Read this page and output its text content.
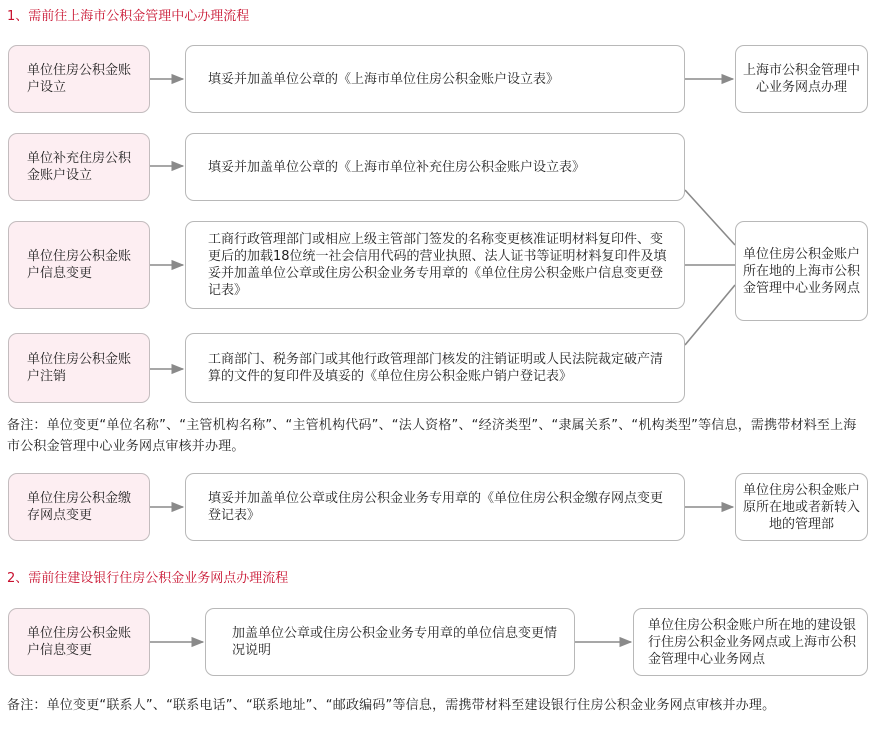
1、需前往上海市公积金管理中心办理流程
单位住房公积金账户设立
填妥并加盖单位公章的《上海市单位住房公积金账户设立表》
上海市公积金管理中心业务网点办理
单位补充住房公积金账户设立
填妥并加盖单位公章的《上海市单位补充住房公积金账户设立表》
单位住房公积金账户信息变更
工商行政管理部门或相应上级主管部门签发的名称变更核准证明材料复印件、变更后的加载18位统一社会信用代码的营业执照、法人证书等证明材料复印件及填妥并加盖单位公章或住房公积金业务专用章的《单位住房公积金账户信息变更登记表》
单位住房公积金账户注销
工商部门、税务部门或其他行政管理部门核发的注销证明或人民法院裁定破产清算的文件的复印件及填妥的《单位住房公积金账户销户登记表》
单位住房公积金账户所在地的上海市公积金管理中心业务网点
备注：单位变更“单位名称”、“主管机构名称”、“主管机构代码”、“法人资格”、“经济类型”、“隶属关系”、“机构类型”等信息，需携带材料至上海市公积金管理中心业务网点审核并办理。
单位住房公积金缴存网点变更
填妥并加盖单位公章或住房公积金业务专用章的《单位住房公积金缴存网点变更登记表》
单位住房公积金账户原所在地或者新转入地的管理部
2、需前往建设银行住房公积金业务网点办理流程
单位住房公积金账户信息变更
加盖单位公章或住房公积金业务专用章的单位信息变更情况说明
单位住房公积金账户所在地的建设银行住房公积金业务网点或上海市公积金管理中心业务网点
备注：单位变更“联系人”、“联系电话”、“联系地址”、“邮政编码”等信息，需携带材料至建设银行住房公积金业务网点审核并办理。
